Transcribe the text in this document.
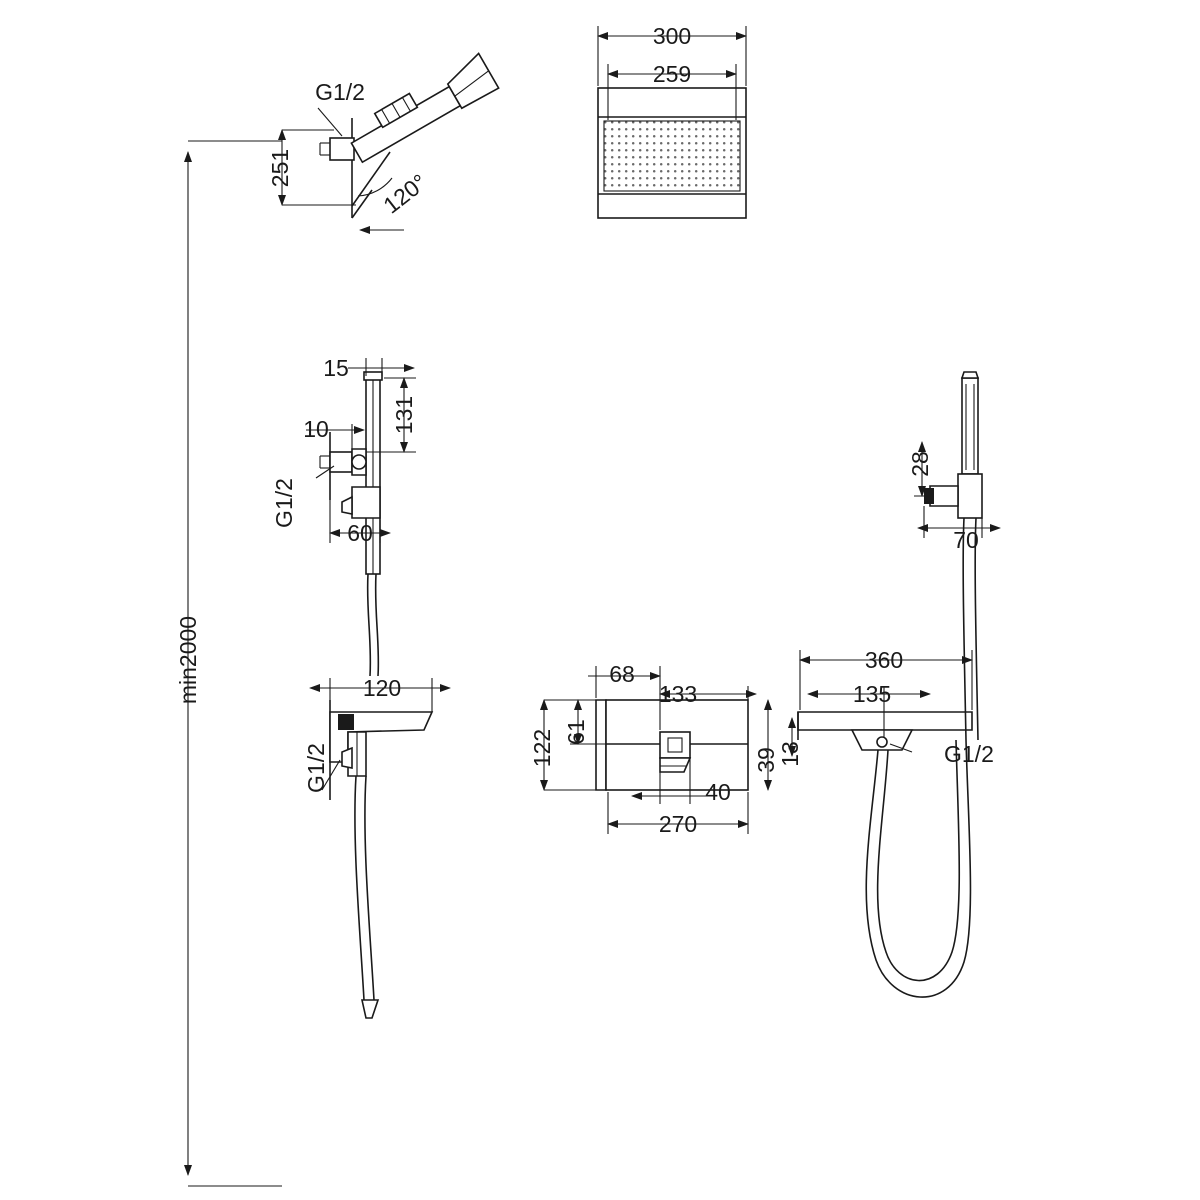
min2000
251
G1/2
120°
300
259
15
10	131
60
G1/2
120
G1/2
68
133
122 61
40
270
39
13
360
135
28
70
G1/2
